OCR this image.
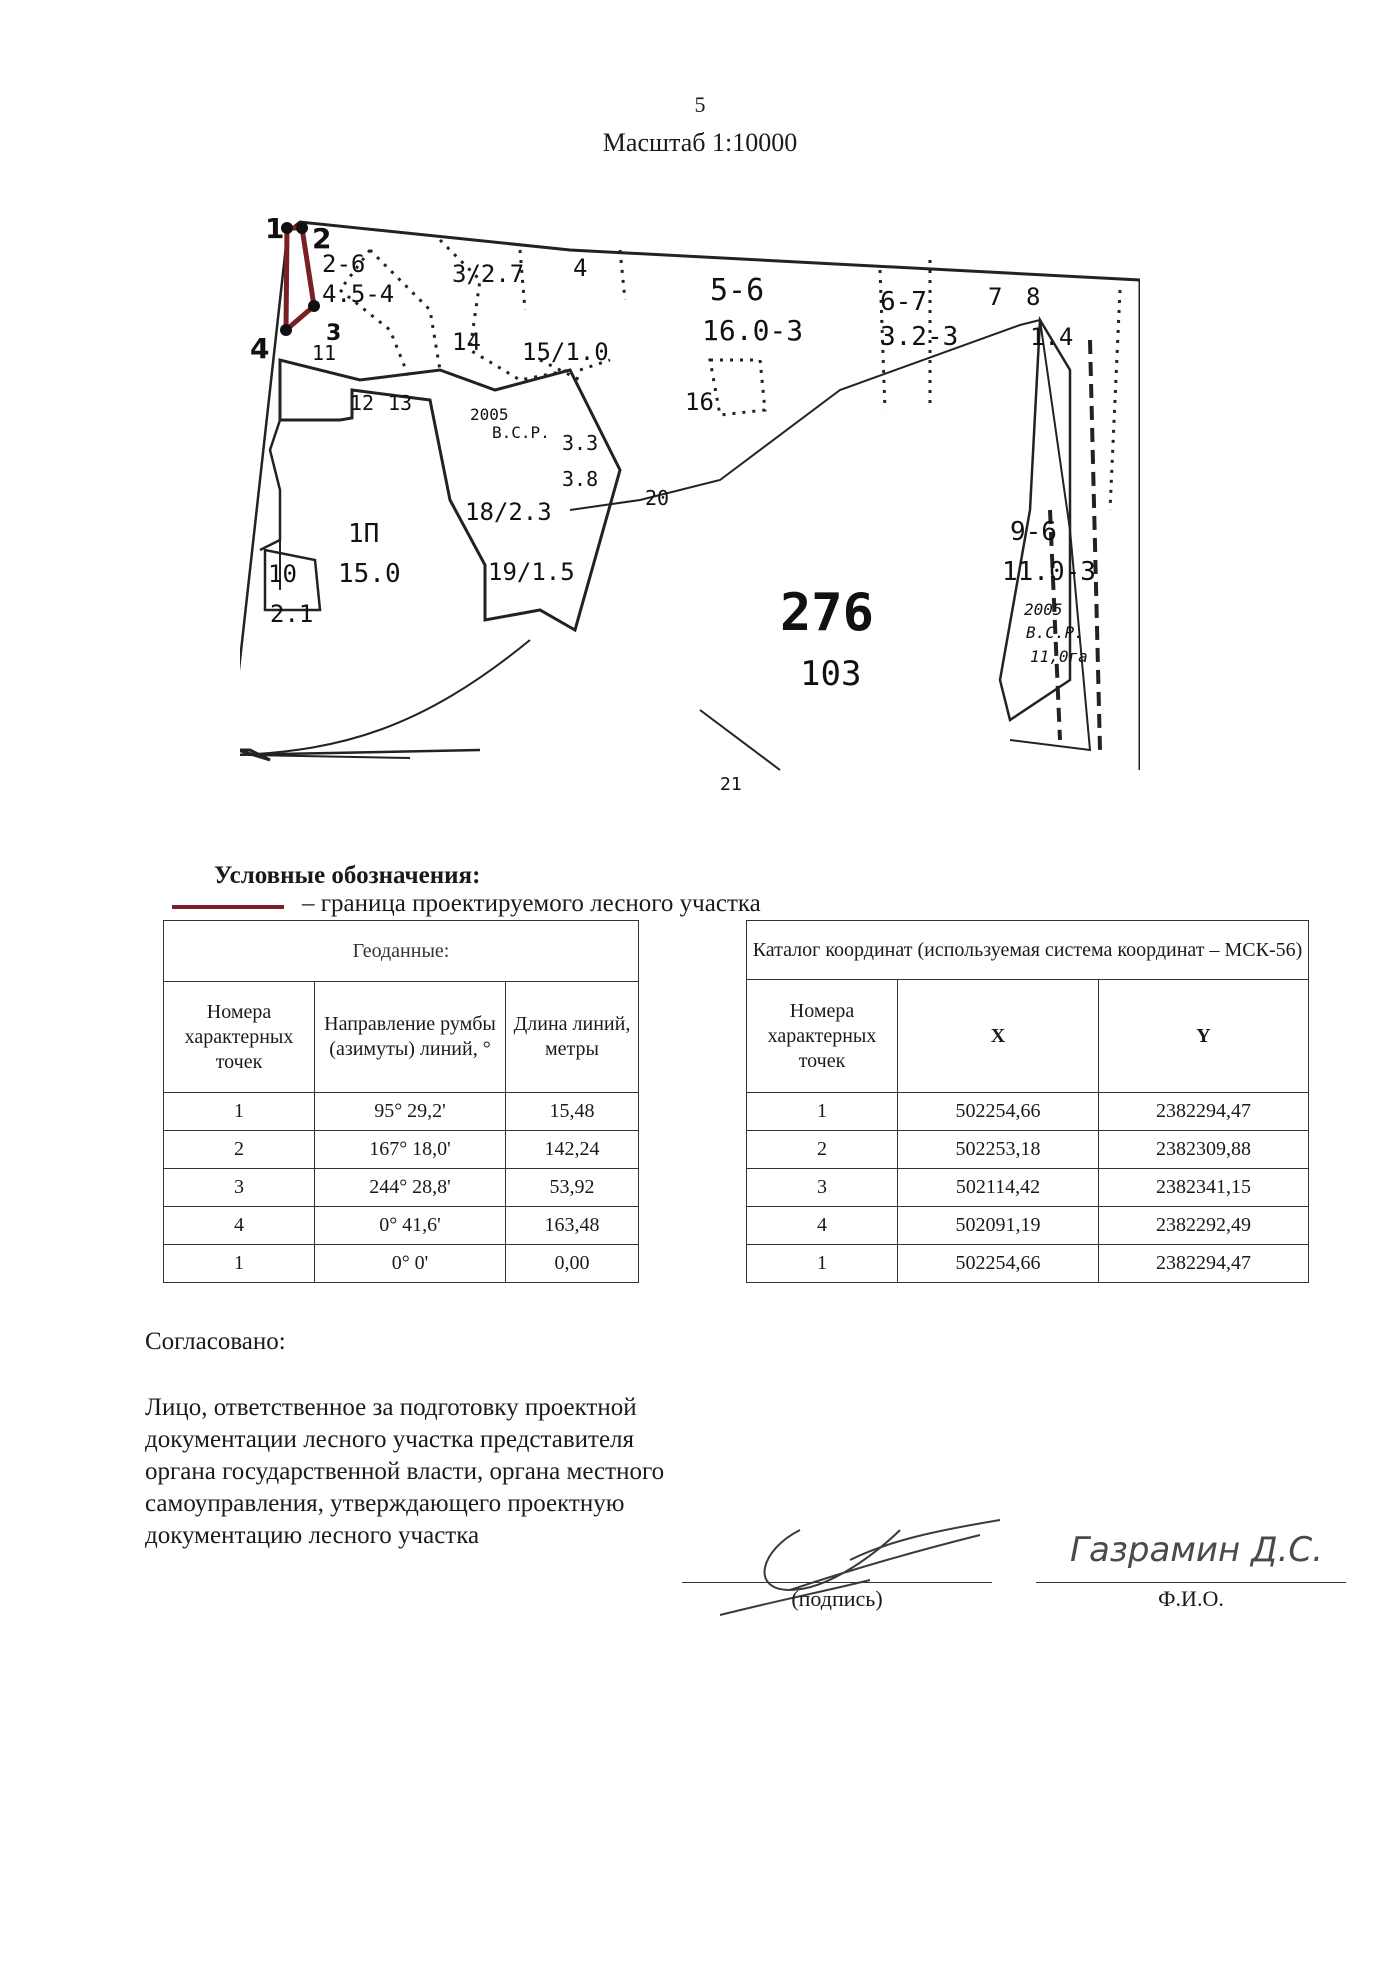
5
Масштаб 1:10000
1 2
3
4
2-6
4.5-4
3/2.7 4
5-6
16.0-3
6-7
3.2-3
7 8
1.4
14 15/1.0
16
2005
В.С.Р. 3.3
3.8
11
12 13
18/2.3
19/1.5
20
1П
15.0
10
2.1	276
103
9-6
11.0-3
2005
В.С.Р.
11,0га
21
Условные обозначения:
– граница проектируемого лесного участка
Геоданные:		
Номера характерных точек	Направление румбы (азимуты) линий, °	Длина линий, метры
1	95° 29,2'	15,48
2	167° 18,0'	142,24
3	244° 28,8'	53,92
4	0° 41,6'	163,48
1	0° 0'	0,00
Каталог координат (используемая система координат – МСК-56)		
Номера характерных точек	X	Y
1	502254,66	2382294,47
2	502253,18	2382309,88
3	502114,42	2382341,15
4	502091,19	2382292,49
1	502254,66	2382294,47
Согласовано:
Лицо, ответственное за подготовку проектной документации лесного участка представителя органа государственной власти, органа местного самоуправления, утверждающего проектную документацию лесного участка	Газрамин Д.С.
(подпись)	Ф.И.О.
